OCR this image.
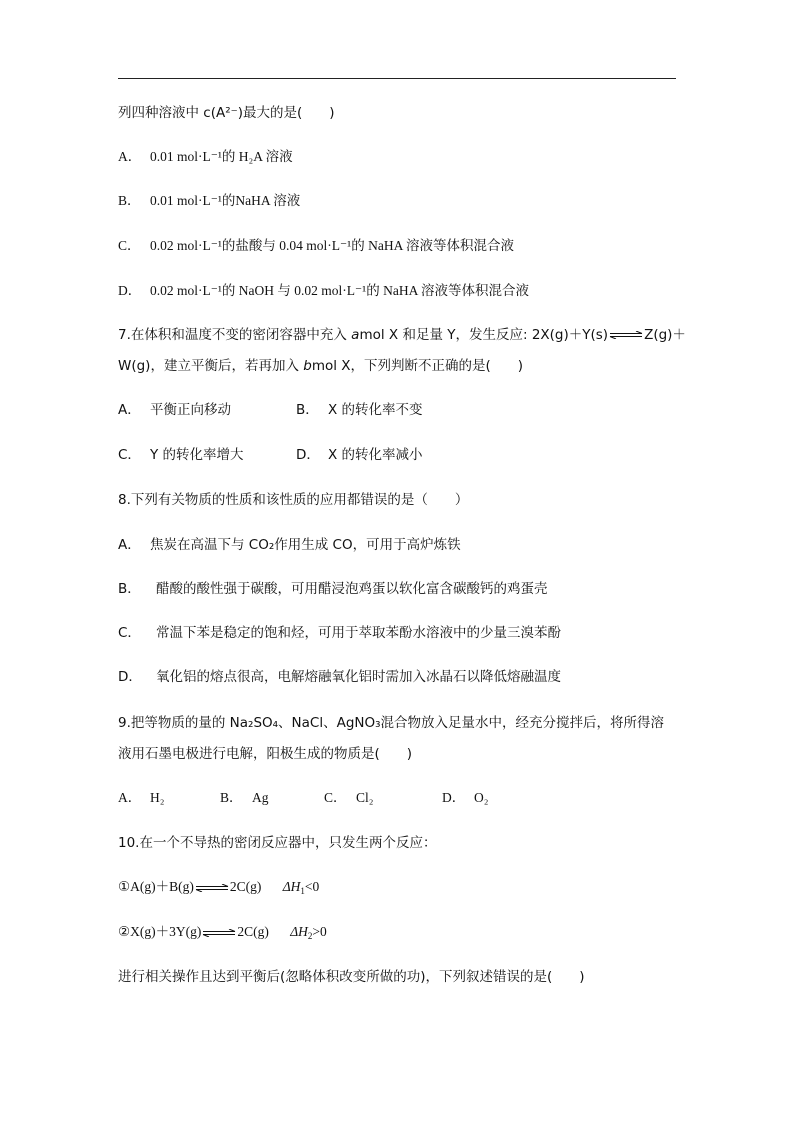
列四种溶液中 c(A²⁻)最大的是(　　)
A． 0.01 mol·L⁻¹的 H₂A 溶液
B． 0.01 mol·L⁻¹的NaHA 溶液
C． 0.02 mol·L⁻¹的盐酸与 0.04 mol·L⁻¹的 NaHA 溶液等体积混合液
D． 0.02 mol·L⁻¹的 NaOH 与 0.02 mol·L⁻¹的 NaHA 溶液等体积混合液
7.在体积和温度不变的密闭容器中充入 amol X 和足量 Y，发生反应: 2X(g)＋Y(s)⇌Z(g)＋
W(g)，建立平衡后，若再加入 bmol X，下列判断不正确的是(　　)
A． 平衡正向移动	B． X 的转化率不变
C． Y 的转化率增大	D． X 的转化率减小
8.下列有关物质的性质和该性质的应用都错误的是（　　）
A． 焦炭在高温下与 CO₂作用生成 CO，可用于高炉炼铁
B． 醋酸的酸性强于碳酸，可用醋浸泡鸡蛋以软化富含碳酸钙的鸡蛋壳
C． 常温下苯是稳定的饱和烃，可用于萃取苯酚水溶液中的少量三溴苯酚
D． 氧化铝的熔点很高，电解熔融氧化铝时需加入冰晶石以降低熔融温度
9.把等物质的量的 Na₂SO₄、NaCl、AgNO₃混合物放入足量水中，经充分搅拌后，将所得溶
液用石墨电极进行电解，阳极生成的物质是(　　)
A． H₂	B． Ag	C． Cl₂	D． O₂
10.在一个不导热的密闭反应器中，只发生两个反应：
①A(g)＋B(g)⇌2C(g) $\Delta H_1<0$
②X(g)＋3Y(g)⇌2C(g) $\Delta H_2>0$
进行相关操作且达到平衡后(忽略体积改变所做的功)，下列叙述错误的是(　　)
